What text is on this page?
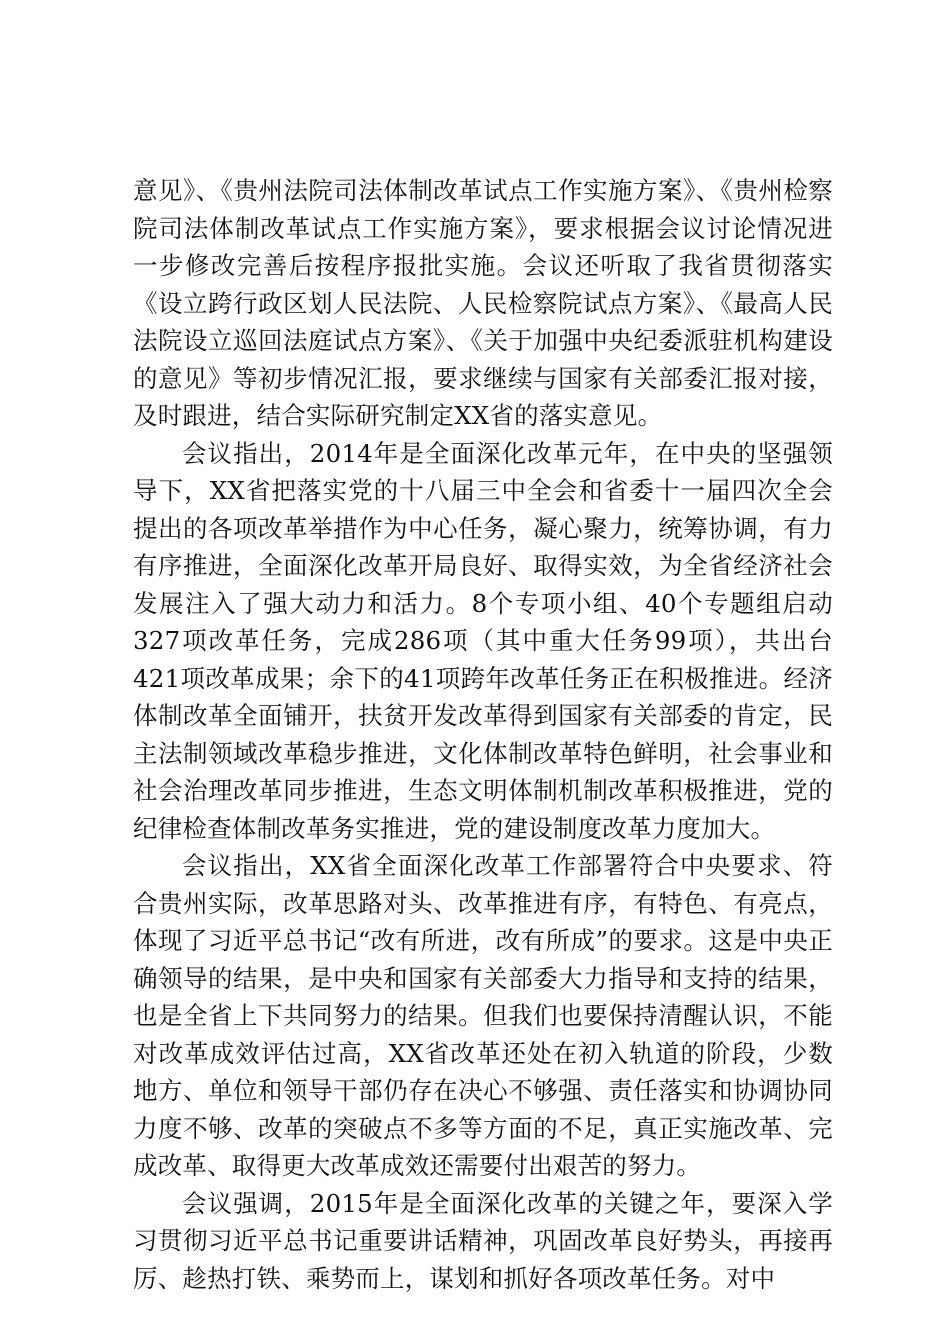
意见》、《贵州法院司法体制改革试点工作实施方案》、《贵州检察院司法体制改革试点工作实施方案》，要求根据会议讨论情况进一步修改完善后按程序报批实施。会议还听取了我省贯彻落实《设立跨行政区划人民法院、人民检察院试点方案》、《最高人民法院设立巡回法庭试点方案》、《关于加强中央纪委派驻机构建设的意见》等初步情况汇报，要求继续与国家有关部委汇报对接，及时跟进，结合实际研究制定XX省的落实意见。

会议指出，2014年是全面深化改革元年，在中央的坚强领导下，XX省把落实党的十八届三中全会和省委十一届四次全会提出的各项改革举措作为中心任务，凝心聚力，统筹协调，有力有序推进，全面深化改革开局良好、取得实效，为全省经济社会发展注入了强大动力和活力。8个专项小组、40个专题组启动327项改革任务，完成286项（其中重大任务99项），共出台421项改革成果；余下的41项跨年改革任务正在积极推进。经济体制改革全面铺开，扶贫开发改革得到国家有关部委的肯定，民主法制领域改革稳步推进，文化体制改革特色鲜明，社会事业和社会治理改革同步推进，生态文明体制机制改革积极推进，党的纪律检查体制改革务实推进，党的建设制度改革力度加大。

会议指出，XX省全面深化改革工作部署符合中央要求、符合贵州实际，改革思路对头、改革推进有序，有特色、有亮点，体现了习近平总书记“改有所进，改有所成”的要求。这是中央正确领导的结果，是中央和国家有关部委大力指导和支持的结果，也是全省上下共同努力的结果。但我们也要保持清醒认识，不能对改革成效评估过高，XX省改革还处在初入轨道的阶段，少数地方、单位和领导干部仍存在决心不够强、责任落实和协调协同力度不够、改革的突破点不多等方面的不足，真正实施改革、完成改革、取得更大改革成效还需要付出艰苦的努力。

会议强调，2015年是全面深化改革的关键之年，要深入学习贯彻习近平总书记重要讲话精神，巩固改革良好势头，再接再厉、趁热打铁、乘势而上，谋划和抓好各项改革任务。对中
